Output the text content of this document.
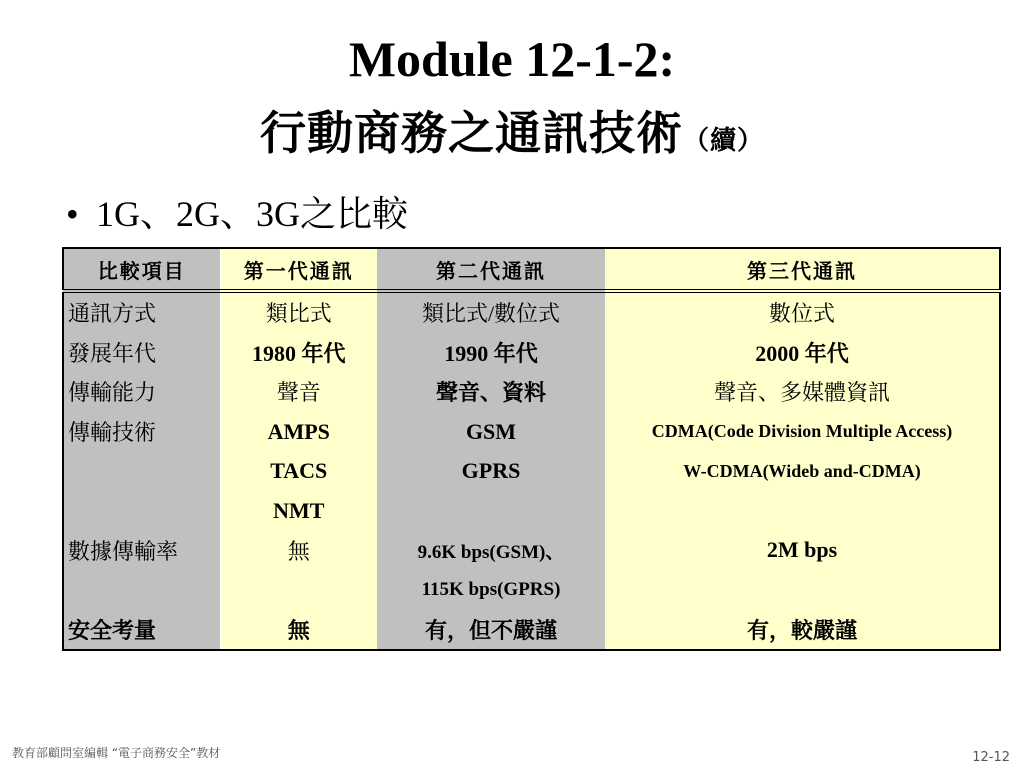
Module 12-1-2:
行動商務之通訊技術（續）
• 1G、2G、3G之比較
比較項目	第一代通訊	第二代通訊	第三代通訊
通訊方式	類比式	類比式/數位式	數位式
發展年代	1980 年代	1990 年代	2000 年代
傳輸能力	聲音	聲音、資料	聲音、多媒體資訊
傳輸技術	AMPS	GSM	CDMA(Code Division Multiple Access)
	TACS	GPRS	W-CDMA(Wideb and-CDMA)
	NMT		
數據傳輸率	無	9.6K bps(GSM)、	2M bps
		115K bps(GPRS)	
安全考量	無	有，但不嚴謹	有，較嚴謹
教育部顧問室編輯 “電子商務安全”教材	12-12
